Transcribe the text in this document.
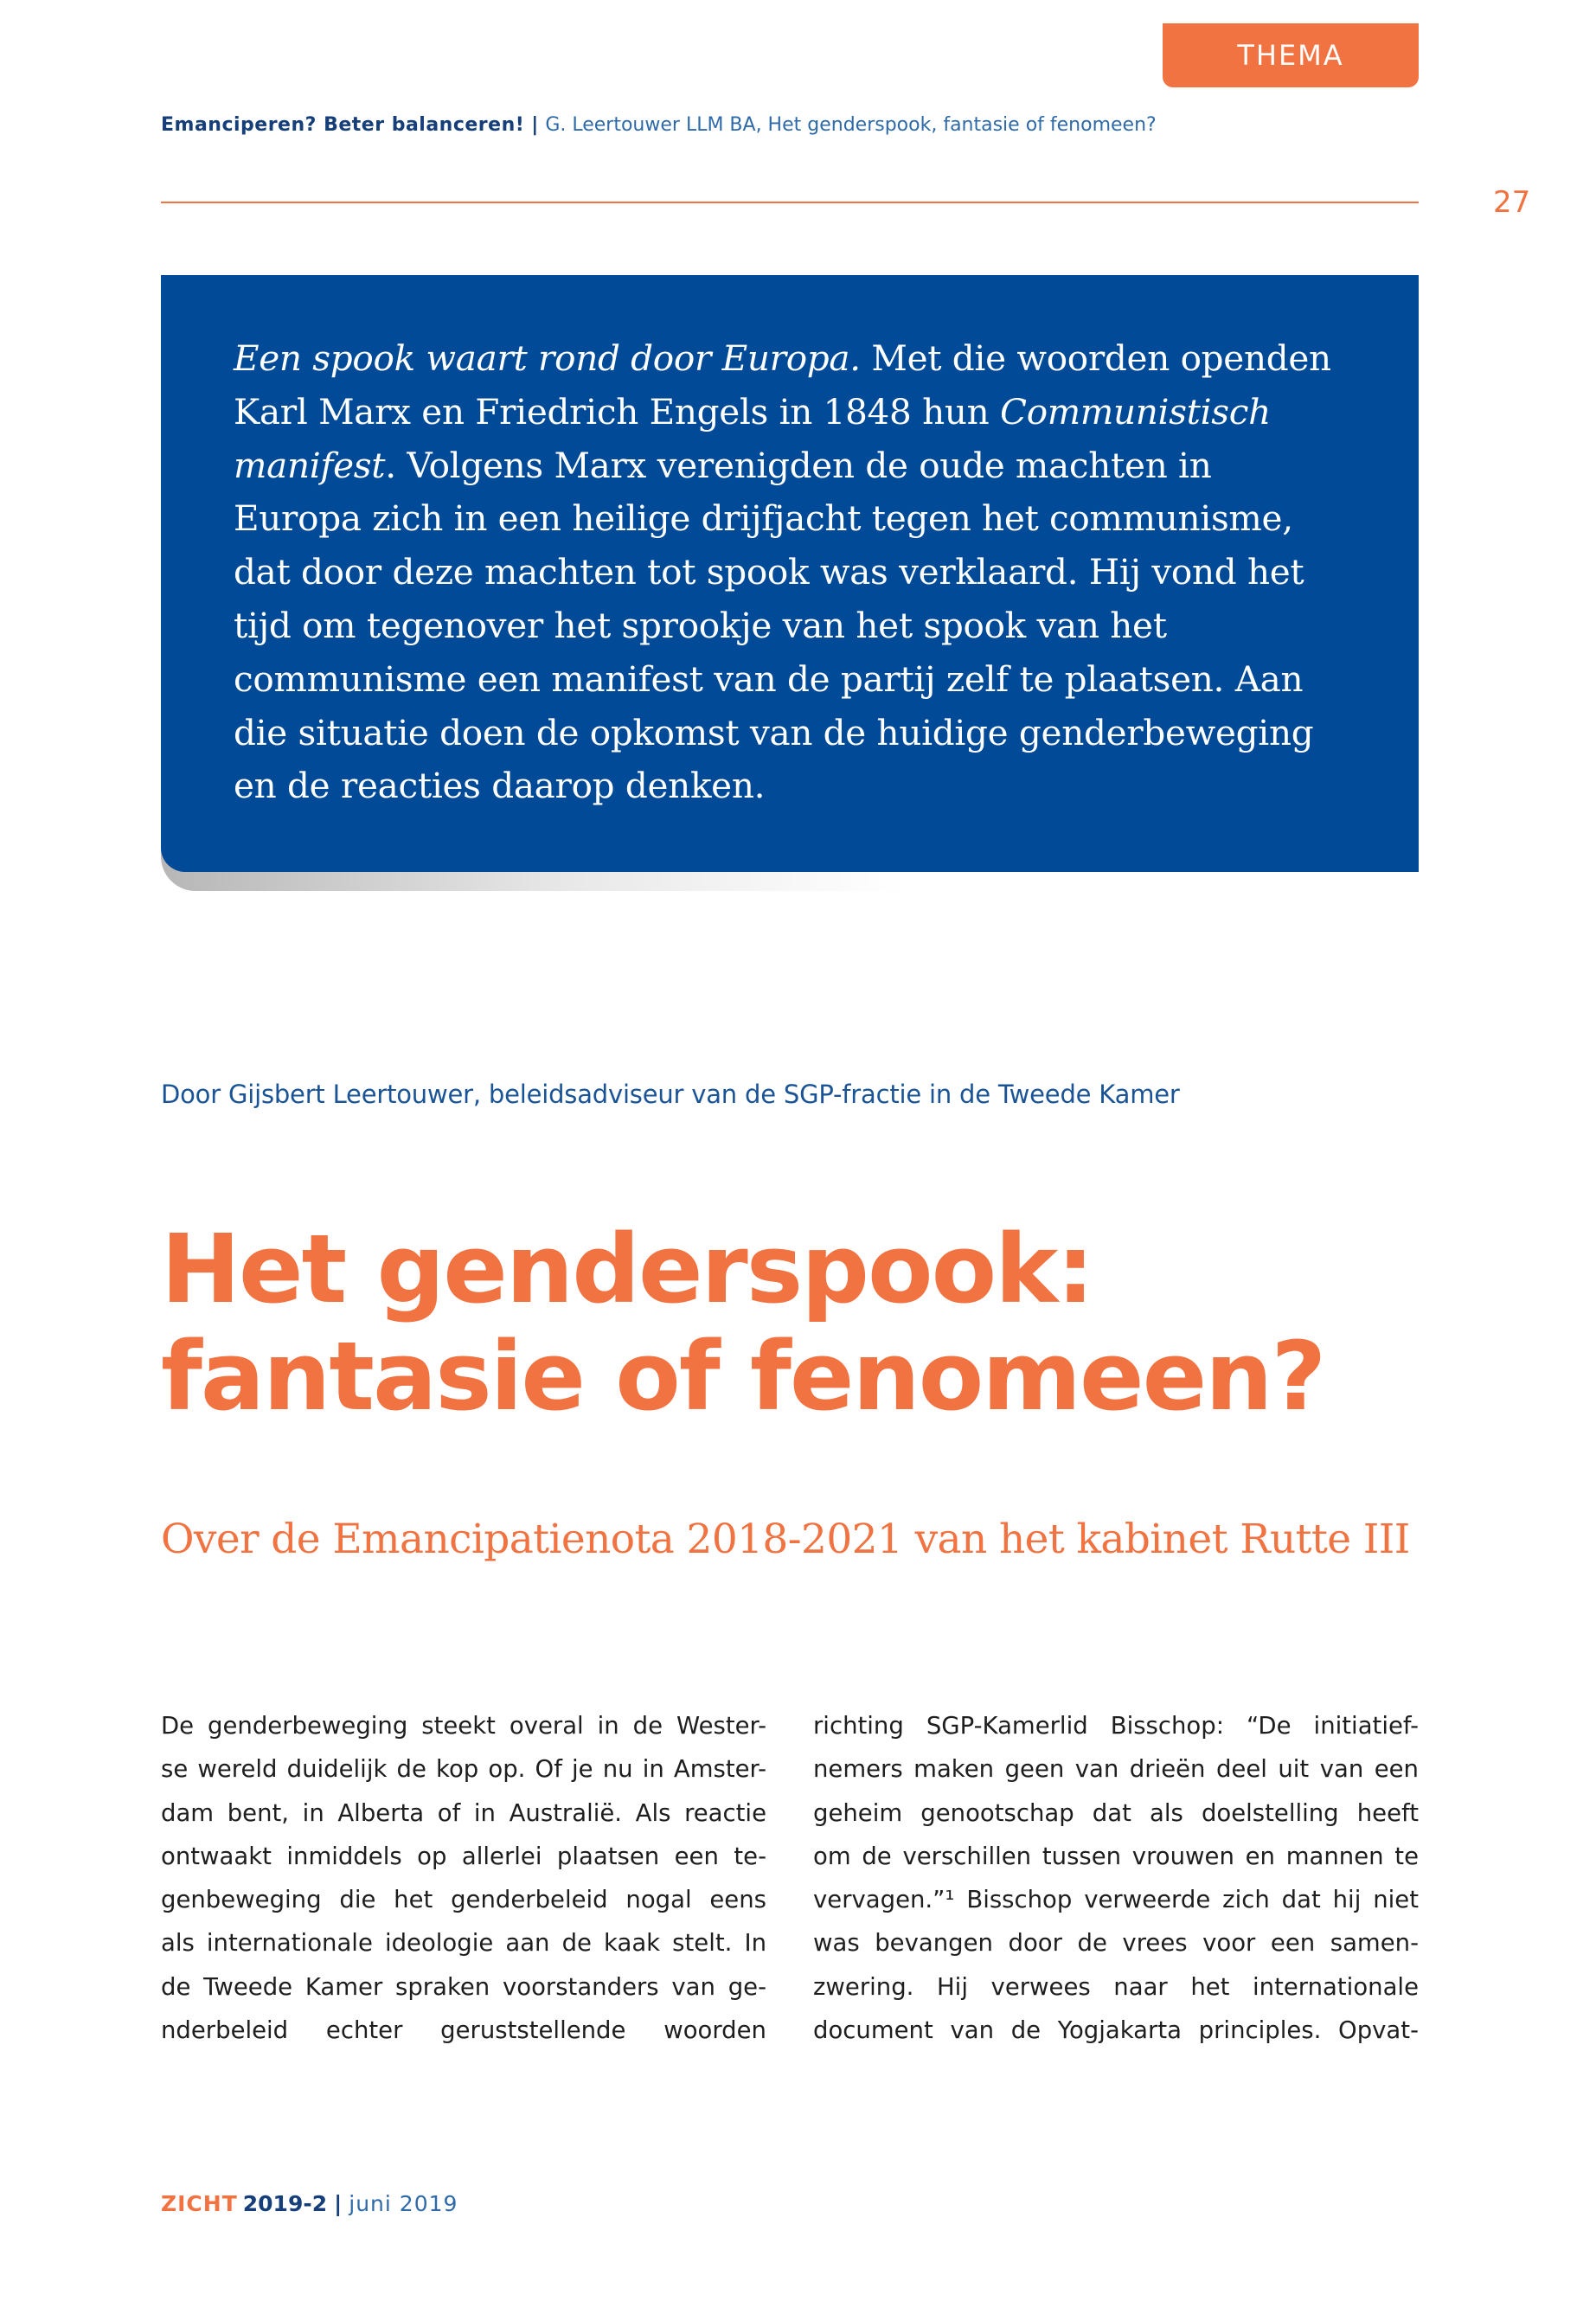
THEMA
Emanciperen? Beter balanceren! | G. Leertouwer LLM BA, Het genderspook, fantasie of fenomeen?
27

Een spook waart rond door Europa. Met die woorden openden Karl Marx en Friedrich Engels in 1848 hun Communistisch manifest. Volgens Marx verenigden de oude machten in Europa zich in een heilige drijfjacht tegen het communisme, dat door deze machten tot spook was verklaard. Hij vond het tijd om tegenover het sprookje van het spook van het communisme een manifest van de partij zelf te plaatsen. Aan die situatie doen de opkomst van de huidige genderbeweging en de reacties daarop denken.

Door Gijsbert Leertouwer, beleidsadviseur van de SGP-fractie in de Tweede Kamer
Het genderspook:
fantasie of fenomeen?
Over de Emancipatienota 2018-2021 van het kabinet Rutte III
De genderbeweging steekt overal in de Wester-
se wereld duidelijk de kop op. Of je nu in Amster-
dam bent, in Alberta of in Australië. Als reactie
ontwaakt inmiddels op allerlei plaatsen een te-
genbeweging die het genderbeleid nogal eens
als internationale ideologie aan de kaak stelt. In
de Tweede Kamer spraken voorstanders van ge-
nderbeleid echter geruststellende woorden
richting SGP-Kamerlid Bisschop: “De initiatief-
nemers maken geen van drieën deel uit van een
geheim genootschap dat als doelstelling heeft
om de verschillen tussen vrouwen en mannen te
vervagen.”¹ Bisschop verweerde zich dat hij niet
was bevangen door de vrees voor een samen-
zwering. Hij verwees naar het internationale
document van de Yogjakarta principles. Opvat-
ZICHT 2019-2 | juni 2019
